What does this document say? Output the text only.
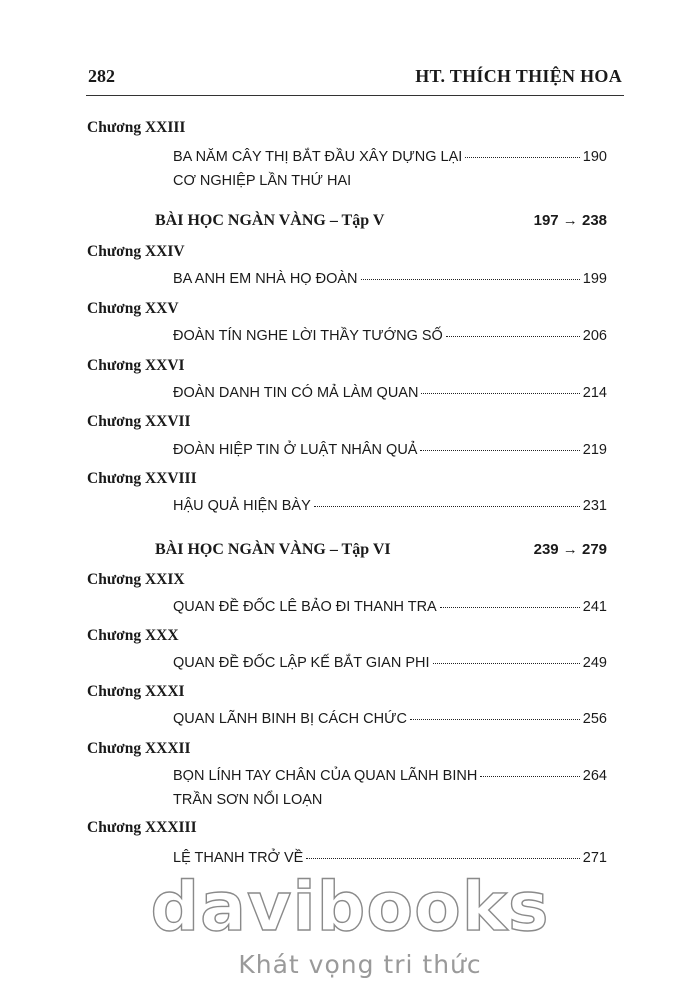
282	HT. THÍCH THIỆN HOA
Chương XXIII
BA NĂM CÂY THỊ BẮT ĐẦU XÂY DỰNG LẠI	190
CƠ NGHIỆP LẦN THỨ HAI
BÀI HỌC NGÀN VÀNG – Tập V	197 → 238
Chương XXIV
BA ANH EM NHÀ HỌ ĐOÀN	199
Chương XXV
ĐOÀN TÍN NGHE LỜI THẦY TƯỚNG SỐ	206
Chương XXVI
ĐOÀN DANH TIN CÓ MẢ LÀM QUAN	214
Chương XXVII
ĐOÀN HIỆP TIN Ở LUẬT NHÂN QUẢ	219
Chương XXVIII
HẬU QUẢ HIỆN BÀY	231
BÀI HỌC NGÀN VÀNG – Tập VI	239 → 279
Chương XXIX
QUAN ĐỀ ĐỐC LÊ BẢO ĐI THANH TRA	241
Chương XXX
QUAN ĐỀ ĐỐC LẬP KẾ BẮT GIAN PHI	249
Chương XXXI
QUAN LÃNH BINH BỊ CÁCH CHỨC	256
Chương XXXII
BỌN LÍNH TAY CHÂN CỦA QUAN LÃNH BINH	264
TRẦN SƠN NỔI LOẠN
Chương XXXIII
LỆ THANH TRỞ VỀ	271
davibooks
Khát vọng tri thức
